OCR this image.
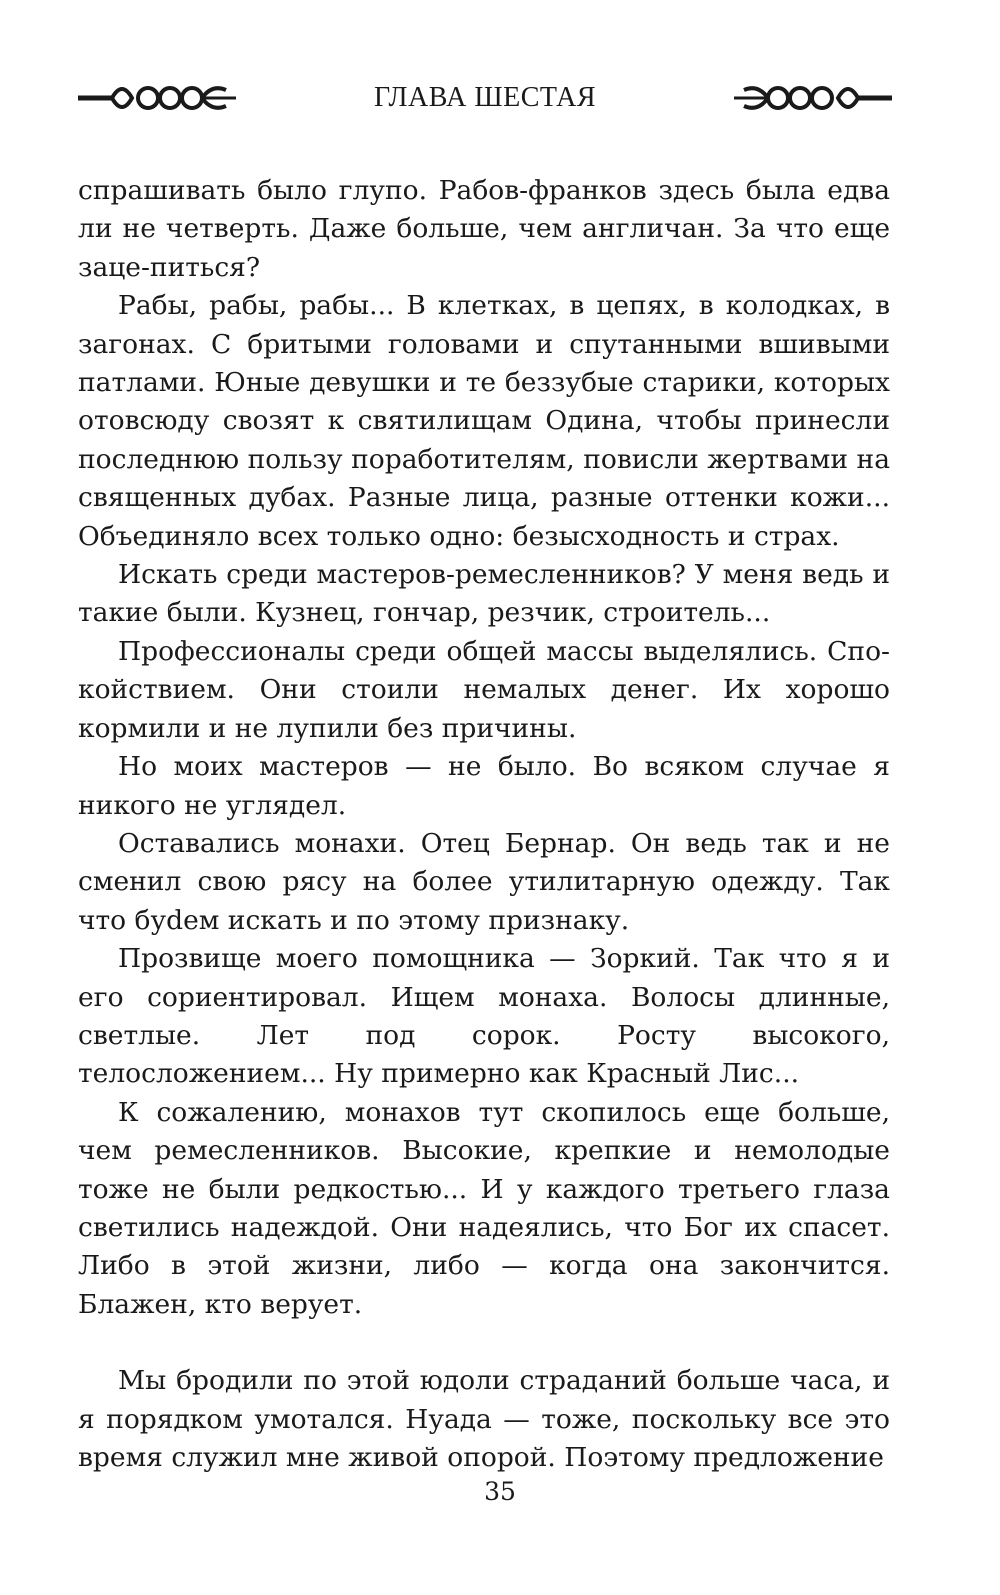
ГЛАВА ШЕСТАЯ

спрашивать было глупо. Рабов-франков здесь была едва ли не четверть. Даже больше, чем англичан. За что еще заце-питься?

Рабы, рабы, рабы... В клетках, в цепях, в колодках, в загонах. С бритыми головами и спутанными вшивыми патлами. Юные девушки и те беззубые старики, которых отовсюду свозят к святилищам Одина, чтобы принесли последнюю пользу поработителям, повисли жертвами на священных дубах. Разные лица, разные оттенки кожи... Объединяло всех только одно: безысходность и страх.

Искать среди мастеров-ремесленников? У меня ведь и такие были. Кузнец, гончар, резчик, строитель...

Профессионалы среди общей массы выделялись. Спокойствием. Они стоили немалых денег. Их хорошо кормили и не лупили без причины.

Но моих мастеров — не было. Во всяком случае я никого не углядел.

Оставались монахи. Отец Бернар. Он ведь так и не сменил свою рясу на более утилитарную одежду. Так что буdем искать и по этому признаку.

Прозвище моего помощника — Зоркий. Так что я и его сориентировал. Ищем монаха. Волосы длинные, светлые. Лет под сорок. Росту высокого, телосложением... Ну примерно как Красный Лис...

К сожалению, монахов тут скопилось еще больше, чем ремесленников. Высокие, крепкие и немолодые тоже не были редкостью... И у каждого третьего глаза светились надеждой. Они надеялись, что Бог их спасет. Либо в этой жизни, либо — когда она закончится. Блажен, кто верует.

Мы бродили по этой юдоли страданий больше часа, и я порядком умотался. Нуада — тоже, поскольку все это время служил мне живой опорой. Поэтому предложение

35
